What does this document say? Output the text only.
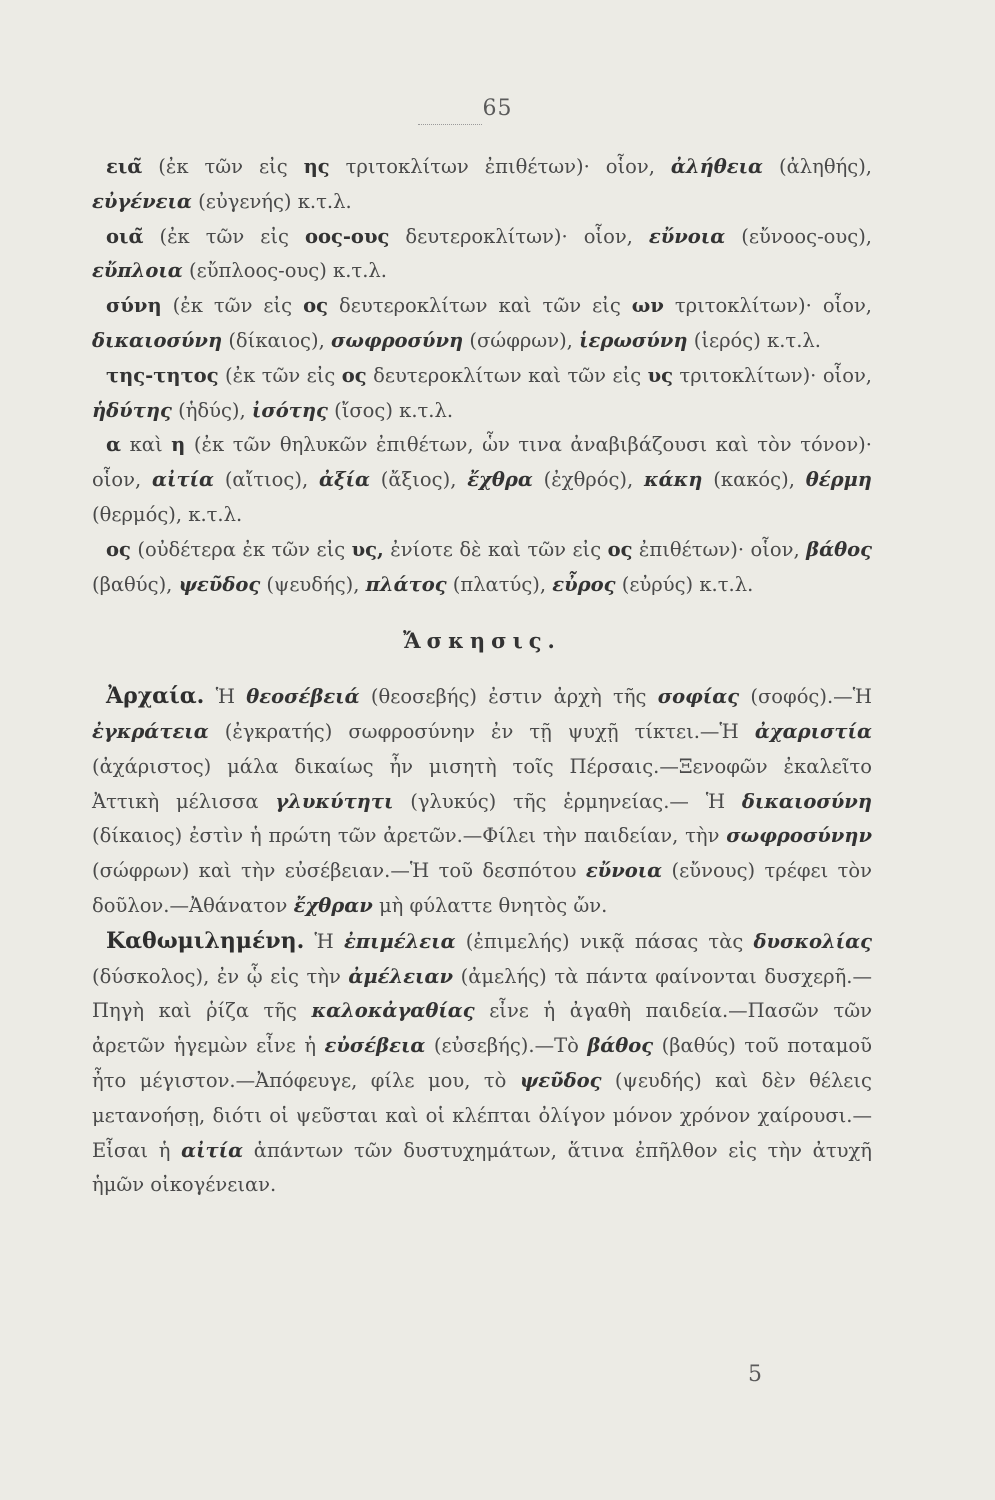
65

εια̃ (ἐκ τῶν εἰς ης τριτοκλίτων ἐπιθέτων)· οἷον, ἀλήθεια (ἀληθής), εὐγένεια (εὐγενής) κ.τ.λ.

οια̃ (ἐκ τῶν εἰς οος-ους δευτεροκλίτων)· οἷον, εὔνοια (εὔνοος-ους), εὔπλοια (εὔπλοος-ους) κ.τ.λ.

σύνη (ἐκ τῶν εἰς ος δευτεροκλίτων καὶ τῶν εἰς ων τριτοκλίτων)· οἷον, δικαιοσύνη (δίκαιος), σωφροσύνη (σώφρων), ἱερωσύνη (ἱερός) κ.τ.λ.

της-τητος (ἐκ τῶν εἰς ος δευτεροκλίτων καὶ τῶν εἰς υς τριτοκλίτων)· οἷον, ἡδύτης (ἡδύς), ἰσότης (ἴσος) κ.τ.λ.

α καὶ η (ἐκ τῶν θηλυκῶν ἐπιθέτων, ὧν τινα ἀναβιβάζουσι καὶ τὸν τόνον)· οἷον, αἰτία (αἴτιος), ἀξία (ἄξιος), ἔχθρα (ἐχθρός), κάκη (κακός), θέρμη (θερμός), κ.τ.λ.

ος (οὐδέτερα ἐκ τῶν εἰς υς, ἐνίοτε δὲ καὶ τῶν εἰς ος ἐπιθέτων)· οἷον, βάθος (βαθύς), ψεῦδος (ψευδής), πλάτος (πλατύς), εὖρος (εὐρύς) κ.τ.λ.

Ἄσκησις.

Ἀρχαία. Ἡ θεοσέβειά (θεοσεβής) ἐστιν ἀρχὴ τῆς σοφίας (σοφός).—Ἡ ἐγκράτεια (ἐγκρατής) σωφροσύνην ἐν τῇ ψυχῇ τίκτει.—Ἡ ἀχαριστία (ἀχάριστος) μάλα δικαίως ἦν μισητὴ τοῖς Πέρσαις.—Ξενοφῶν ἐκαλεῖτο Ἀττικὴ μέλισσα γλυκύτητι (γλυκύς) τῆς ἑρμηνείας.— Ἡ δικαιοσύνη (δίκαιος) ἐστὶν ἡ πρώτη τῶν ἀρετῶν.—Φίλει τὴν παιδείαν, τὴν σωφροσύνην (σώφρων) καὶ τὴν εὐσέβειαν.—Ἡ τοῦ δεσπότου εὔνοια (εὔνους) τρέφει τὸν δοῦλον.—Ἀθάνατον ἔχθραν μὴ φύλαττε θνητὸς ὤν.

Καθωμιλημένη. Ἡ ἐπιμέλεια (ἐπιμελής) νικᾷ πάσας τὰς δυσκολίας (δύσκολος), ἐν ᾧ εἰς τὴν ἀμέλειαν (ἀμελής) τὰ πάντα φαίνονται δυσχερῆ.—Πηγὴ καὶ ῥίζα τῆς καλοκἀγαθίας εἶνε ἡ ἀγαθὴ παιδεία.—Πασῶν τῶν ἀρετῶν ἡγεμὼν εἶνε ἡ εὐσέβεια (εὐσεβής).—Τὸ βάθος (βαθύς) τοῦ ποταμοῦ ἦτο μέγιστον.—Ἀπόφευγε, φίλε μου, τὸ ψεῦδος (ψευδής) καὶ δὲν θέλεις μετανοήσῃ, διότι οἱ ψεῦσται καὶ οἱ κλέπται ὀλίγον μόνον χρόνον χαίρουσι.—Εἶσαι ἡ αἰτία ἁπάντων τῶν δυστυχημάτων, ἅτινα ἐπῆλθον εἰς τὴν ἀτυχῆ ἡμῶν οἰκογένειαν.

5
